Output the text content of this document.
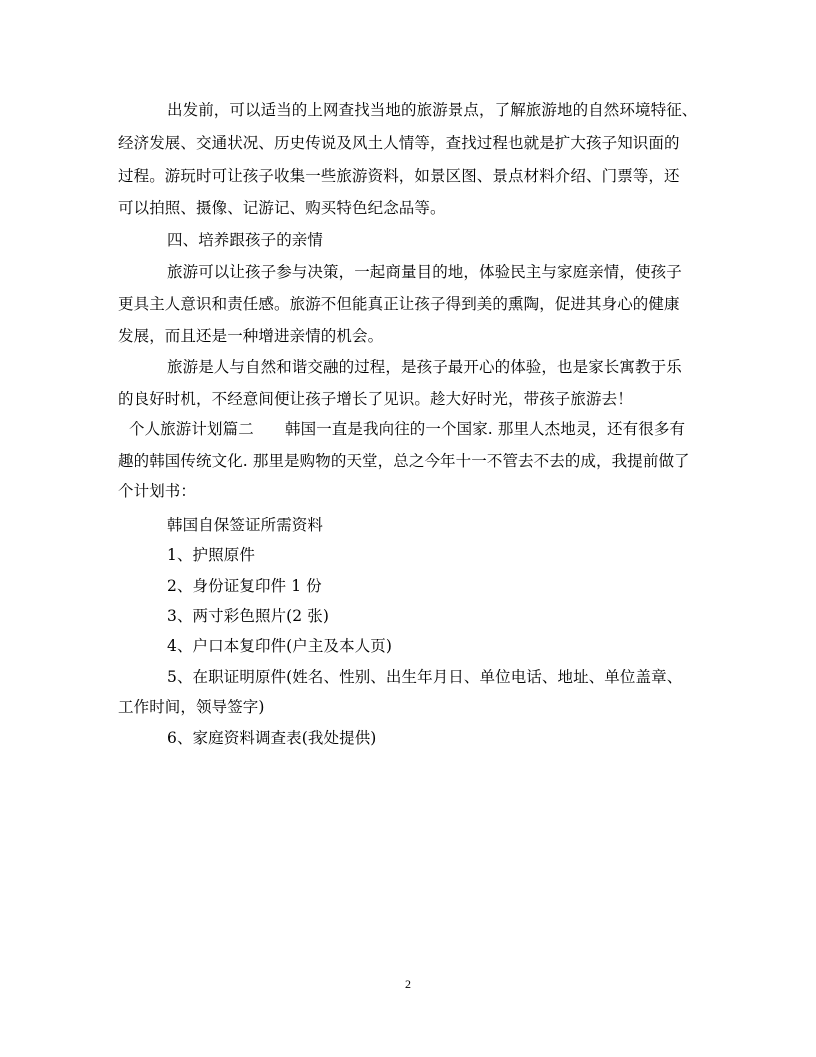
出发前，可以适当的上网查找当地的旅游景点，了解旅游地的自然环境特征、
经济发展、交通状况、历史传说及风土人情等，查找过程也就是扩大孩子知识面的
过程。游玩时可让孩子收集一些旅游资料，如景区图、景点材料介绍、门票等，还
可以拍照、摄像、记游记、购买特色纪念品等。
四、培养跟孩子的亲情
旅游可以让孩子参与决策，一起商量目的地，体验民主与家庭亲情，使孩子
更具主人意识和责任感。旅游不但能真正让孩子得到美的熏陶，促进其身心的健康
发展，而且还是一种增进亲情的机会。
旅游是人与自然和谐交融的过程，是孩子最开心的体验，也是家长寓教于乐
的良好时机，不经意间便让孩子增长了见识。趁大好时光，带孩子旅游去！
个人旅游计划篇二　　韩国一直是我向往的一个国家. 那里人杰地灵，还有很多有
趣的韩国传统文化. 那里是购物的天堂，总之今年十一不管去不去的成，我提前做了
个计划书：
韩国自保签证所需资料
1、护照原件
2、身份证复印件 1 份
3、两寸彩色照片(2 张)
4、户口本复印件(户主及本人页)
5、在职证明原件(姓名、性别、出生年月日、单位电话、地址、单位盖章、
工作时间，领导签字)
6、家庭资料调查表(我处提供)
2
